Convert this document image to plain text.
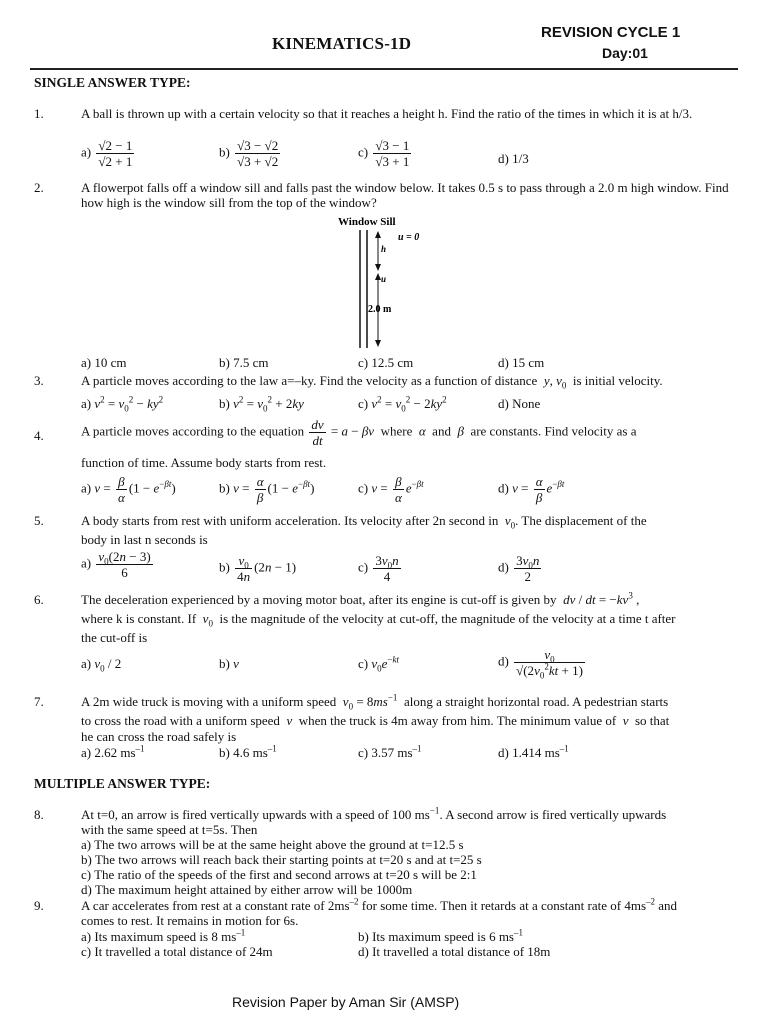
KINEMATICS-1D
REVISION CYCLE 1
Day:01
SINGLE ANSWER TYPE:
1.	A ball is thrown up with a certain velocity so that it reaches a height h. Find the ratio of the times in which it is at h/3.
$a) \frac{√2 - 1}{√2 + 1}$	$b) \frac{√3 - √2}{√3 + √2}$	$c) \frac{√3 - 1}{√3 + 1}$	d) 1/3
2.	A flowerpot falls off a window sill and falls past the window below. It takes 0.5 s to pass through a 2.0 m high window. Find how high is the window sill from the top of the window?
Window Sill
u = 0
h
u
2.0 m
a) 10 cm	b) 7.5 cm	c) 12.5 cm	d) 15 cm
3.	A particle moves according to the law a=–ky. Find the velocity as a function of distance y, $v_0$ is initial velocity.
a) $v^2 = v_0^2 - ky^2$	b) $v^2 = v_0^2 + 2ky$	c) $v^2 = v_0^2 - 2ky^2$	d) None
4.	A particle moves according to the equation $\frac{dv}{dt} = a - \beta v$ where α  and  β are constants. Find velocity as a
function of time. Assume body starts from rest.
a) $v = \frac{\beta}{\alpha} (1 - e^{-\beta t})$	b) $v = \frac{\alpha}{\beta} (1 - e^{-\beta t})$	c) $v = \frac{\beta}{\alpha} e^{-\beta t}$	d) $v = \frac{\alpha}{\beta} e^{-\beta t}$
5.	A body starts from rest with uniform acceleration. Its velocity after 2n second in $v_0$. The displacement of the
body in last n seconds is
$a) \frac{v_0(2n - 3)}{6}$	$b) \frac{v_0}{4n} (2n - 1)$	$c) \frac{3v_0n}{4}$	$d) \frac{3v_0n}{2}$
6.	The deceleration experienced by a moving motor boat, after its engine is cut-off is given by dv / dt = $-kv^3$ ,
where k is constant. If $v_0$ is the magnitude of the velocity at cut-off, the magnitude of the velocity at a time t after
the cut-off is
a) $v_0 / 2$	b) v	c) $v_0e^{-kt}$	$d) \frac{v_0}{√(2v_0^2kt + 1)}$
7.	A 2m wide truck is moving with a uniform speed $v_0 = 8ms^{-1}$ along a straight horizontal road. A pedestrian starts
to cross the road with a uniform speed v when the truck is 4m away from him. The minimum value of v so that
he can cross the road safely is
a) 2.62 $ms^{-1}$	b) 4.6 $ms^{-1}$	c) 3.57 $ms^{-1}$	d) 1.414 $ms^{-1}$
MULTIPLE ANSWER TYPE:
8.	At t=0, an arrow is fired vertically upwards with a speed of 100 $ms^{-1}$. A second arrow is fired vertically upwards
with the same speed at t=5s. Then
a) The two arrows will be at the same height above the ground at t=12.5 s
b) The two arrows will reach back their starting points at t=20 s and at t=25 s
c) The ratio of the speeds of the first and second arrows at t=20 s will be 2:1
d) The maximum height attained by either arrow will be 1000m
9.	A car accelerates from rest at a constant rate of $2ms^{-2}$ for some time. Then it retards at a constant rate of $4ms^{-2}$ and
comes to rest. It remains in motion for 6s.
a) Its maximum speed is 8 $ms^{-1}$	b) Its maximum speed is 6 $ms^{-1}$
c) It travelled a total distance of 24m	d) It travelled a total distance of 18m
Revision Paper by Aman Sir (AMSP)
